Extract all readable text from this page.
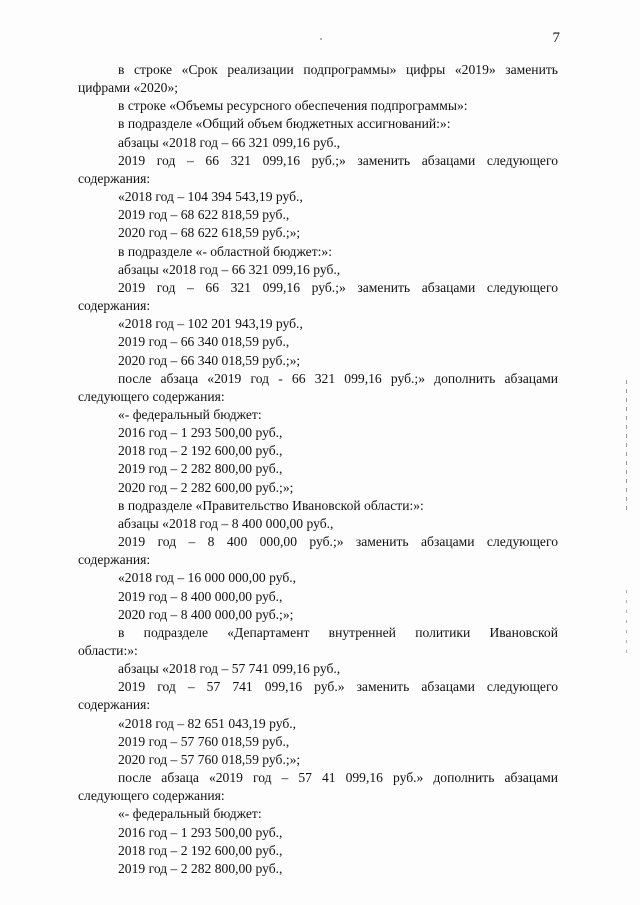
7

в строке «Срок реализации подпрограммы» цифры «2019» заменить

цифрами «2020»;

в строке «Объемы ресурсного обеспечения подпрограммы»:

в подразделе «Общий объем бюджетных ассигнований:»:

абзацы «2018 год – 66 321 099,16 руб.,

2019 год – 66 321 099,16 руб.;» заменить абзацами следующего

содержания:

«2018 год – 104 394 543,19 руб.,

2019 год – 68 622 818,59 руб.,

2020 год – 68 622 618,59 руб.;»;

в подразделе «- областной бюджет:»:

абзацы «2018 год – 66 321 099,16 руб.,

2019 год – 66 321 099,16 руб.;» заменить абзацами следующего

содержания:

«2018 год – 102 201 943,19 руб.,

2019 год – 66 340 018,59 руб.,

2020 год – 66 340 018,59 руб.;»;

после абзаца «2019 год - 66 321 099,16 руб.;» дополнить абзацами

следующего содержания:

«- федеральный бюджет:

2016 год – 1 293 500,00 руб.,

2018 год – 2 192 600,00 руб.,

2019 год – 2 282 800,00 руб.,

2020 год – 2 282 600,00 руб.;»;

в подразделе «Правительство Ивановской области:»:

абзацы «2018 год – 8 400 000,00 руб.,

2019 год – 8 400 000,00 руб.;» заменить абзацами следующего

содержания:

«2018 год – 16 000 000,00 руб.,

2019 год – 8 400 000,00 руб.,

2020 год – 8 400 000,00 руб.;»;

в подразделе «Департамент внутренней политики Ивановской

области:»:

абзацы «2018 год – 57 741 099,16 руб.,

2019 год – 57 741 099,16 руб.» заменить абзацами следующего

содержания:

«2018 год – 82 651 043,19 руб.,

2019 год – 57 760 018,59 руб.,

2020 год – 57 760 018,59 руб.;»;

после абзаца «2019 год – 57 41 099,16 руб.» дополнить абзацами

следующего содержания:

«- федеральный бюджет:

2016 год – 1 293 500,00 руб.,

2018 год – 2 192 600,00 руб.,

2019 год – 2 282 800,00 руб.,
